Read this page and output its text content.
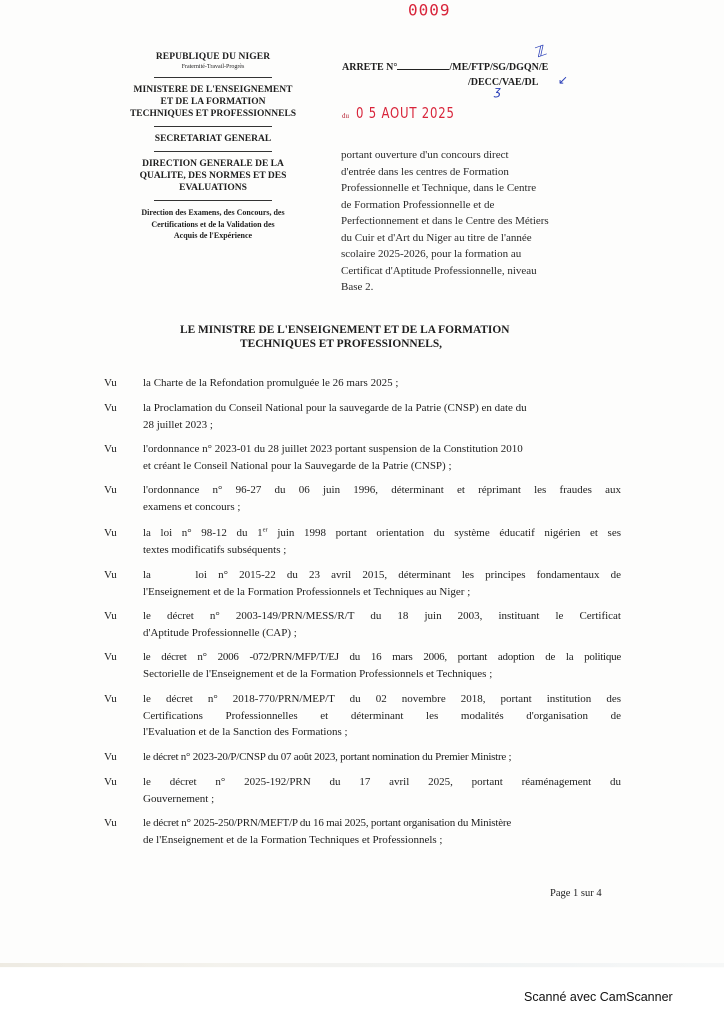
REPUBLIQUE DU NIGER
Fraternité-Travail-Progrès
MINISTERE DE L'ENSEIGNEMENT
ET DE LA FORMATION
TECHNIQUES ET PROFESSIONNELS
SECRETARIAT GENERAL
DIRECTION GENERALE DE LA
QUALITE, DES NORMES ET DES
EVALUATIONS
Direction des Examens, des Concours, des
Certifications et de la Validation des
Acquis de l'Expérience
0009
ARRETE N°	/ME/FTP/SG/DGQN/E
/DECC/VAE/DL
ℤ
ʒ
↙
du 0 5 AOUT 2025
portant ouverture d'un concours direct
d'entrée dans les centres de Formation
Professionnelle et Technique, dans le Centre
de Formation Professionnelle et de
Perfectionnement et dans le Centre des Métiers
du Cuir et d'Art du Niger au titre de l'année
scolaire 2025-2026, pour la formation au
Certificat d'Aptitude Professionnelle, niveau
Base 2.
LE MINISTRE DE L'ENSEIGNEMENT ET DE LA FORMATION
TECHNIQUES ET PROFESSIONNELS,
Vu la Charte de la Refondation promulguée le 26 mars 2025 ;
Vu la Proclamation du Conseil National pour la sauvegarde de la Patrie (CNSP) en date du
28 juillet 2023 ;
Vu l'ordonnance n° 2023-01 du 28 juillet 2023 portant suspension de la Constitution 2010
et créant le Conseil National pour la Sauvegarde de la Patrie (CNSP) ;
Vu l'ordonnance n° 96-27 du 06 juin 1996, déterminant et réprimant les fraudes aux
examens et concours ;
Vu la loi n° 98-12 du 1er juin 1998 portant orientation du système éducatif nigérien et ses
textes modificatifs subséquents ;
Vu la    loi n° 2015-22 du 23 avril 2015, déterminant les principes fondamentaux de
l'Enseignement et de la Formation Professionnels et Techniques au Niger ;
Vu le décret n° 2003-149/PRN/MESS/R/T du 18 juin 2003, instituant le Certificat
d'Aptitude Professionnelle (CAP) ;
Vu le décret n° 2006 -072/PRN/MFP/T/EJ du 16 mars 2006, portant adoption de la politique
Sectorielle de l'Enseignement et de la Formation Professionnels et Techniques ;
Vu le décret n° 2018-770/PRN/MEP/T du 02 novembre 2018, portant institution des
Certifications Professionnelles et déterminant les modalités d'organisation de
l'Evaluation et de la Sanction des Formations ;
Vu le décret n° 2023-20/P/CNSP du 07 août 2023, portant nomination du Premier Ministre ;
Vu le décret n° 2025-192/PRN du 17 avril 2025, portant réaménagement du
Gouvernement ;
Vu le décret n° 2025-250/PRN/MEFT/P du 16 mai 2025, portant organisation du Ministère
de l'Enseignement et de la Formation Techniques et Professionnels ;
Page 1 sur 4
Scanné avec CamScanner
